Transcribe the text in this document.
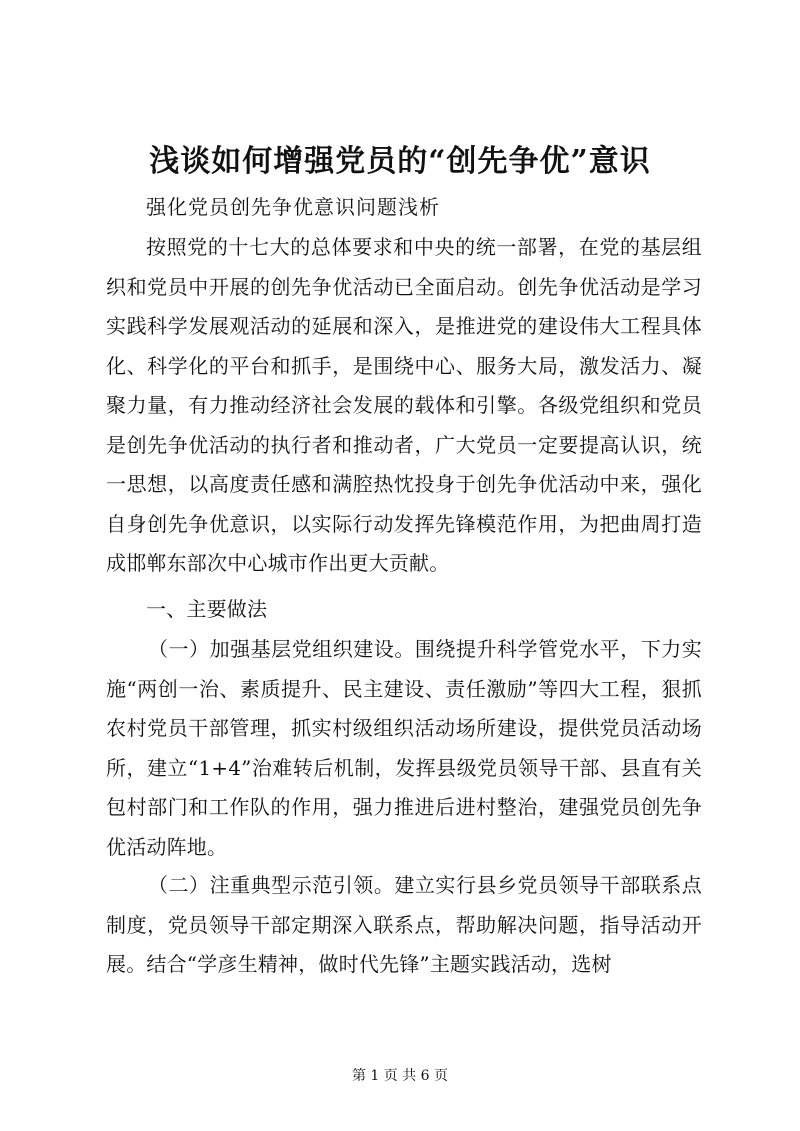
浅谈如何增强党员的“创先争优”意识
强化党员创先争优意识问题浅析

按照党的十七大的总体要求和中央的统一部署，在党的基层组织和党员中开展的创先争优活动已全面启动。创先争优活动是学习实践科学发展观活动的延展和深入，是推进党的建设伟大工程具体化、科学化的平台和抓手，是围绕中心、服务大局，激发活力、凝聚力量，有力推动经济社会发展的载体和引擎。各级党组织和党员是创先争优活动的执行者和推动者，广大党员一定要提高认识，统一思想，以高度责任感和满腔热忱投身于创先争优活动中来，强化自身创先争优意识，以实际行动发挥先锋模范作用，为把曲周打造成邯郸东部次中心城市作出更大贡献。

一、主要做法

（一）加强基层党组织建设。围绕提升科学管党水平，下力实施“两创一治、素质提升、民主建设、责任激励”等四大工程，狠抓农村党员干部管理，抓实村级组织活动场所建设，提供党员活动场所，建立“1+4”治难转后机制，发挥县级党员领导干部、县直有关包村部门和工作队的作用，强力推进后进村整治，建强党员创先争优活动阵地。

（二）注重典型示范引领。建立实行县乡党员领导干部联系点制度，党员领导干部定期深入联系点，帮助解决问题，指导活动开展。结合“学彦生精神，做时代先锋”主题实践活动，选树

第 1 页 共 6 页
